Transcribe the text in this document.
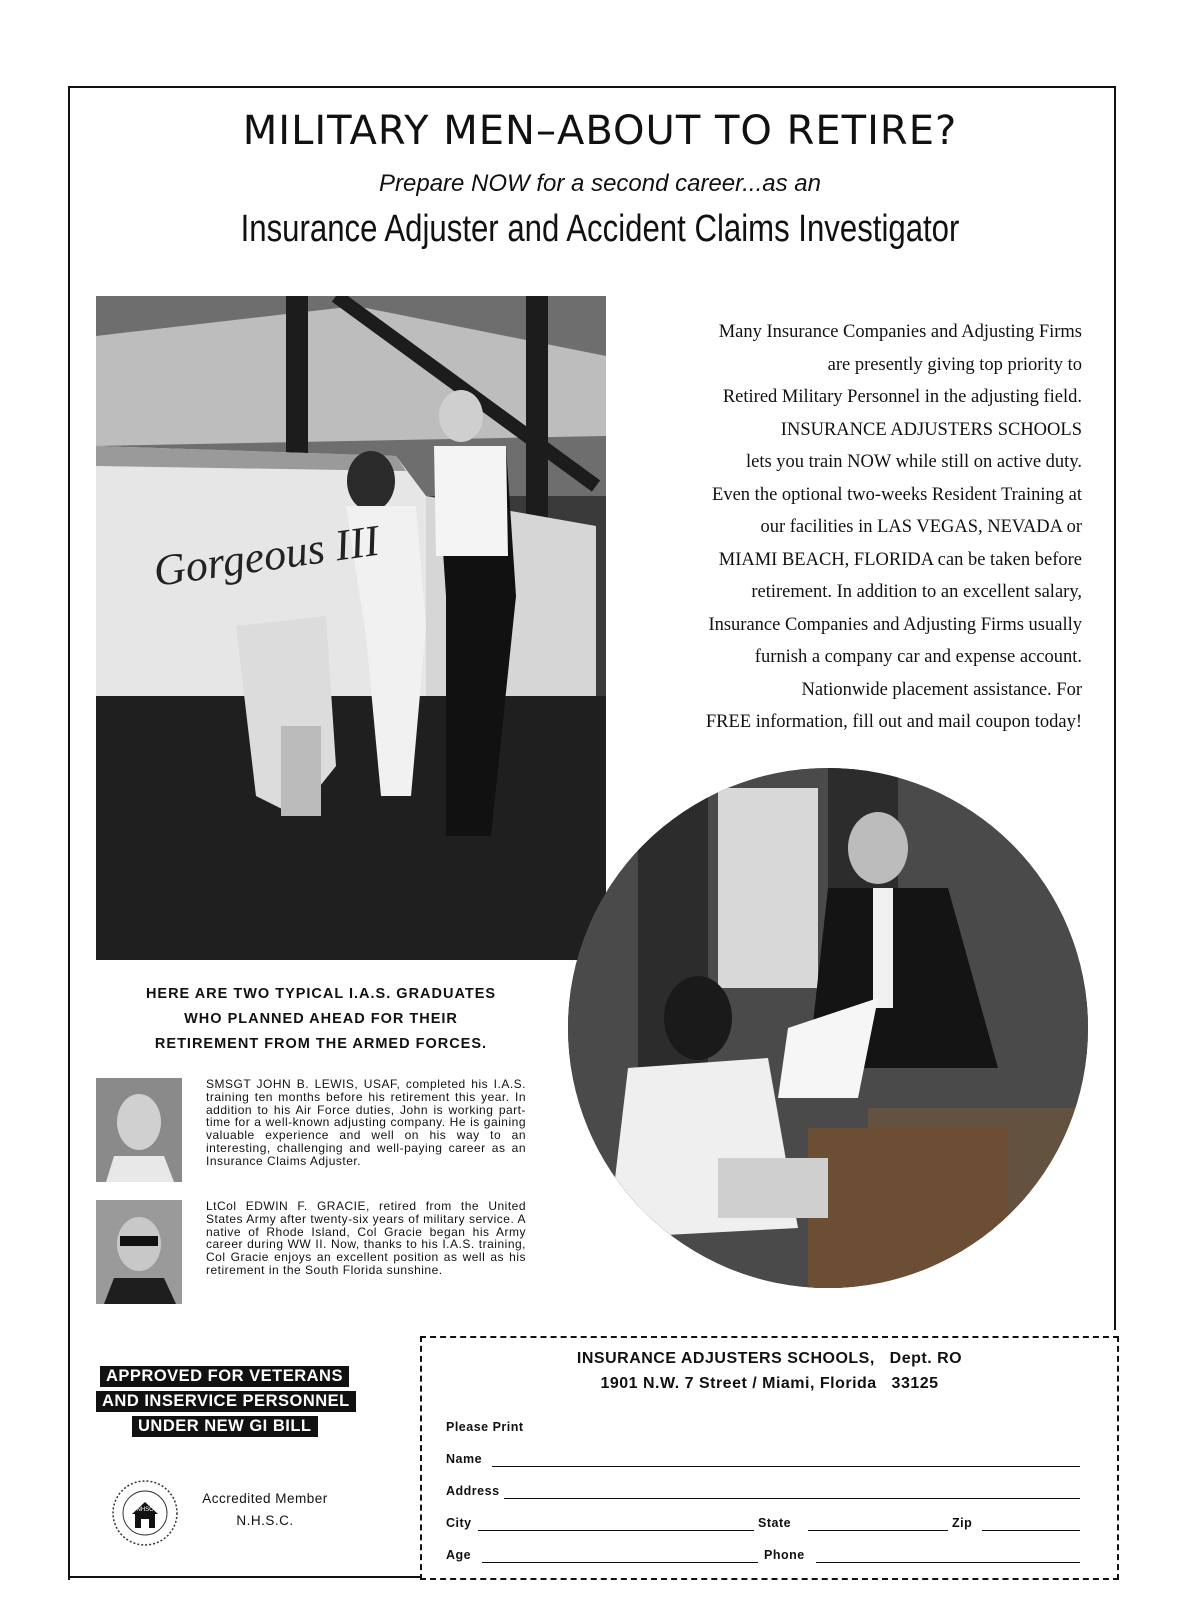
MILITARY MEN–ABOUT TO RETIRE?
Prepare NOW for a second career...as an
Insurance Adjuster and Accident Claims Investigator
Gorgeous III

Many Insurance Companies and Adjusting Firms

are presently giving top priority to

Retired Military Personnel in the adjusting field.

INSURANCE ADJUSTERS SCHOOLS

lets you train NOW while still on active duty.

Even the optional two-weeks Resident Training at

our facilities in LAS VEGAS, NEVADA or

MIAMI BEACH, FLORIDA can be taken before

retirement. In addition to an excellent salary,

Insurance Companies and Adjusting Firms usually

furnish a company car and expense account.

Nationwide placement assistance. For

FREE information, fill out and mail coupon today!

HERE ARE TWO TYPICAL I.A.S. GRADUATES
WHO PLANNED AHEAD FOR THEIR
RETIREMENT FROM THE ARMED FORCES.
SMSGT JOHN B. LEWIS, USAF, completed his I.A.S. training ten months before his retirement this year. In addition to his Air Force duties, John is working part-time for a well-known adjusting company. He is gaining valuable experience and well on his way to an interesting, challenging and well-paying career as an Insurance Claims Adjuster.
LtCol EDWIN F. GRACIE, retired from the United States Army after twenty-six years of military service. A native of Rhode Island, Col Gracie began his Army career during WW II. Now, thanks to his I.A.S. training, Col Gracie enjoys an excellent position as well as his retirement in the South Florida sunshine.
APPROVED FOR VETERANS
AND INSERVICE PERSONNEL
UNDER NEW GI BILL
NHSC
Accredited Member
N.H.S.C.
INSURANCE ADJUSTERS SCHOOLS, Dept. RO
1901 N.W. 7 Street / Miami, Florida 33125
Please Print
Name
Address
City	State	Zip
Age	Phone
